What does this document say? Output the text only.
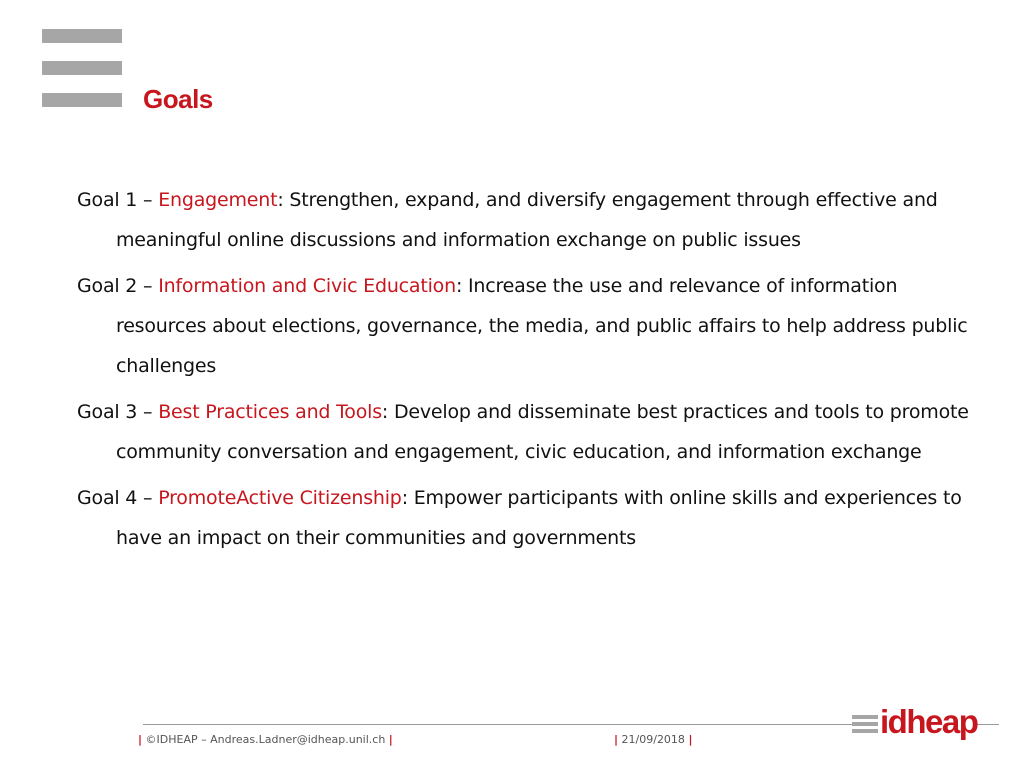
Goals
Goal 1 – Engagement: Strengthen, expand, and diversify engagement through effective and meaningful online discussions and information exchange on public issues
Goal 2 – Information and Civic Education: Increase the use and relevance of information resources about elections, governance, the media, and public affairs to help address public challenges
Goal 3 – Best Practices and Tools: Develop and disseminate best practices and tools to promote community conversation and engagement, civic education, and information exchange
Goal 4 – PromoteActive Citizenship: Empower participants with online skills and experiences to have an impact on their communities and governments
| ©IDHEAP – Andreas.Ladner@idheap.unil.ch |	| 21/09/2018 |	idheap
